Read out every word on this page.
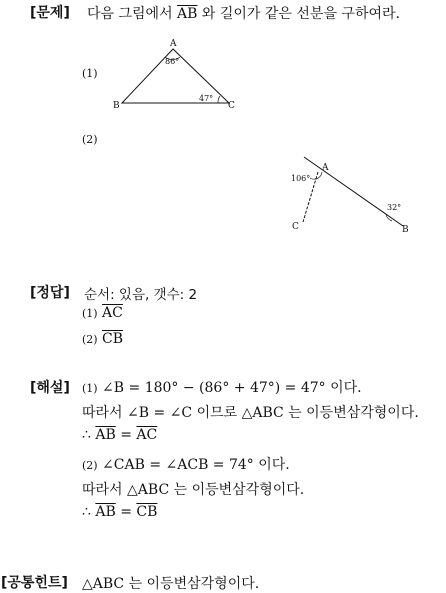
[문제] 다음 그림에서 $\overline{AB}$ 와 길이가 같은 선분을 구하여라.
(1)
(2)
A
B	C
86°
47°
A
B
C
106°
32°
[정답] 순서: 있음, 갯수: 2
(1) $\overline{AC}$
(2) $\overline{CB}$
[해설] (1) ∠B = 180° − (86° + 47°) = 47° 이다.
따라서 ∠B = ∠C 이므로 △ABC 는 이등변삼각형이다.
∴ $\overline{AB} = \overline{AC}$
(2) ∠CAB = ∠ACB = 74° 이다.
따라서 △ABC 는 이등변삼각형이다.
∴ $\overline{AB} = \overline{CB}$
[공통힌트] △ABC 는 이등변삼각형이다.
